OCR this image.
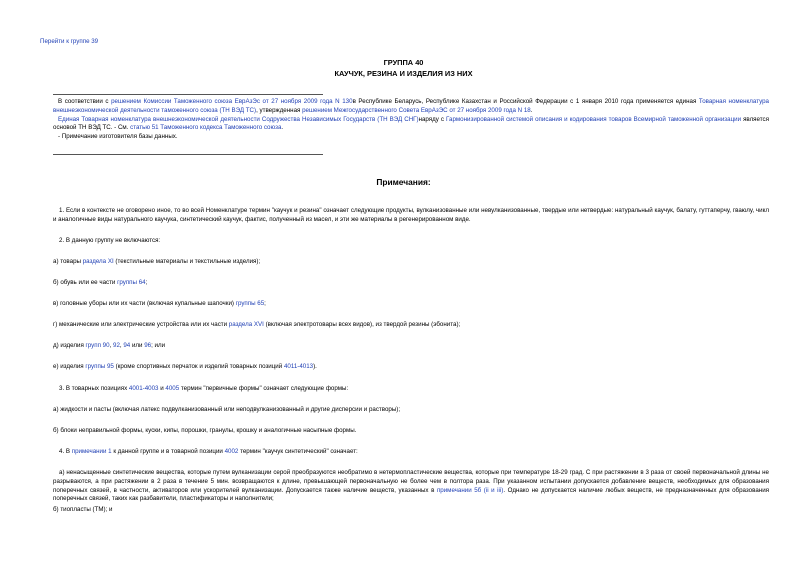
Перейти к группе 39
ГРУППА 40
КАУЧУК, РЕЗИНА И ИЗДЕЛИЯ ИЗ НИХ

В соответствии с решением Комиссии Таможенного союза ЕврАзЭс от 27 ноября 2009 года N 130в Республике Беларусь, Республике Казахстан и Российской Федерации с 1 января 2010 года применяется единая Товарная номенклатура внешнеэкономической деятельности таможенного союза (ТН ВЭД ТС), утвержденная решением Межгосударственного Совета ЕврАзЭС от 27 ноября 2009 года N 18.

Единая Товарная номенклатура внешнеэкономической деятельности Содружества Независимых Государств (ТН ВЭД СНГ)наряду с Гармонизированной системой описания и кодирования товаров Всемирной таможенной организации является основой ТН ВЭД ТС. - См. статью 51 Таможенного кодекса Таможенного союза.

- Примечание изготовителя базы данных.

Примечания:

1. Если в контексте не оговорено иное, то во всей Номенклатуре термин "каучук и резина" означает следующие продукты, вулканизованные или невулканизованные, твердые или нетвердые: натуральный каучук, балату, гуттаперчу, гваюлу, чикл и аналогичные виды натурального каучука, синтетический каучук, фактис, полученный из масел, и эти же материалы в регенерированном виде.

2. В данную группу не включаются:

а) товары раздела XI (текстильные материалы и текстильные изделия);

б) обувь или ее части группы 64;

в) головные уборы или их части (включая купальные шапочки) группы 65;

г) механические или электрические устройства или их части раздела XVI (включая электротовары всех видов), из твердой резины (эбонита);

д) изделия групп 90, 92, 94 или 96; или

е) изделия группы 95 (кроме спортивных перчаток и изделий товарных позиций 4011-4013).

3. В товарных позициях 4001-4003 и 4005 термин "первичные формы" означает следующие формы:

а) жидкости и пасты (включая латекс подвулканизованный или неподвулканизованный и другие дисперсии и растворы);

б) блоки неправильной формы, куски, кипы, порошки, гранулы, крошку и аналогичные насыпные формы.

4. В примечании 1 к данной группе и в товарной позиции 4002 термин "каучук синтетический" означает:

а) ненасыщенные синтетические вещества, которые путем вулканизации серой преобразуются необратимо в нетермопластические вещества, которые при температуре 18-29 град. С при растяжении в 3 раза от своей первоначальной длины не разрываются, а при растяжении в 2 раза в течение 5 мин. возвращаются к длине, превышающей первоначальную не более чем в полтора раза. При указанном испытании допускается добавление веществ, необходимых для образования поперечных связей, в частности, активаторов или ускорителей вулканизации. Допускается также наличие веществ, указанных в примечании 5б (ii и iii). Однако не допускается наличие любых веществ, не предназначенных для образования поперечных связей, таких как разбавители, пластификаторы и наполнители;

б) тиопласты (ТМ); и
